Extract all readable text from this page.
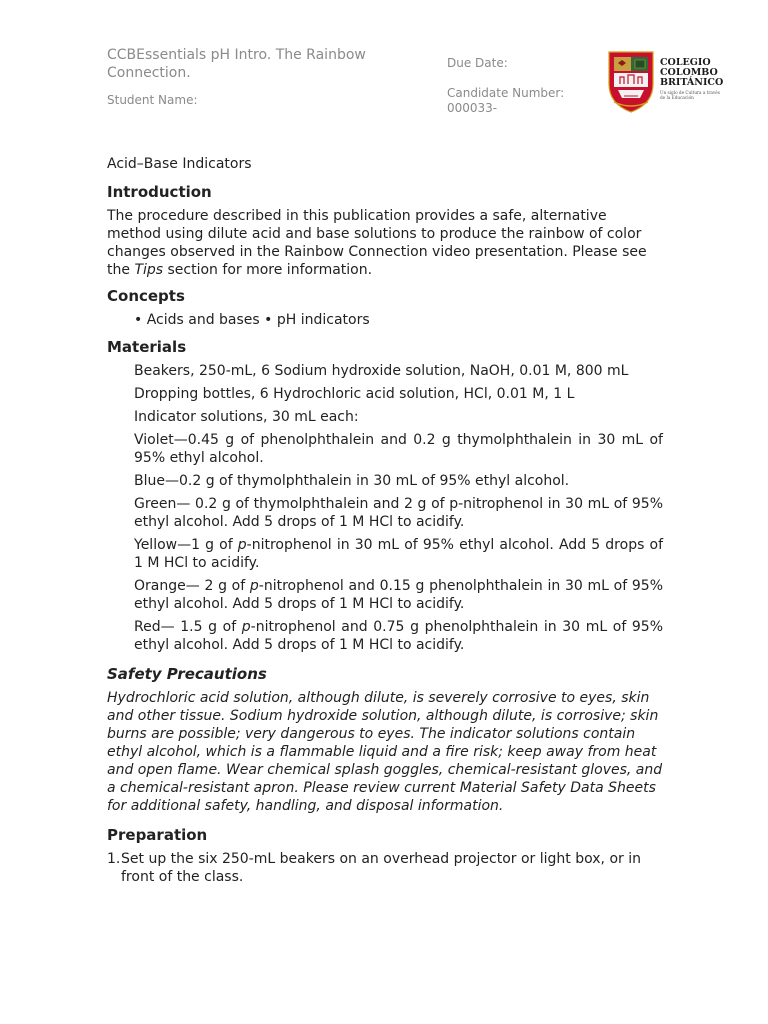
CCBEssentials pH Intro. The Rainbow Connection.
Student Name:
Due Date:
Candidate Number:
000033-
COLEGIO
COLOMBO
BRITÁNICO
Un siglo de Cultura a través de la Educación
Acid–Base Indicators
Introduction

The procedure described in this publication provides a safe, alternative method using dilute acid and base solutions to produce the rainbow of color changes observed in the Rainbow Connection video presentation. Please see the Tips section for more information.

Concepts

• Acids and bases • pH indicators

Materials

Beakers, 250-mL, 6 Sodium hydroxide solution, NaOH, 0.01 M, 800 mL

Dropping bottles, 6 Hydrochloric acid solution, HCl, 0.01 M, 1 L

Indicator solutions, 30 mL each:

Violet—0.45 g of phenolphthalein and 0.2 g thymolphthalein in 30 mL of 95% ethyl alcohol.

Blue—0.2 g of thymolphthalein in 30 mL of 95% ethyl alcohol.

Green— 0.2 g of thymolphthalein and 2 g of p-nitrophenol in 30 mL of 95% ethyl alcohol. Add 5 drops of 1 M HCl to acidify.

Yellow—1 g of p-nitrophenol in 30 mL of 95% ethyl alcohol. Add 5 drops of 1 M HCl to acidify.

Orange— 2 g of p-nitrophenol and 0.15 g phenolphthalein in 30 mL of 95% ethyl alcohol. Add 5 drops of 1 M HCl to acidify.

Red— 1.5 g of p-nitrophenol and 0.75 g phenolphthalein in 30 mL of 95% ethyl alcohol. Add 5 drops of 1 M HCl to acidify.

Safety Precautions

Hydrochloric acid solution, although dilute, is severely corrosive to eyes, skin and other tissue. Sodium hydroxide solution, although dilute, is corrosive; skin burns are possible; very dangerous to eyes. The indicator solutions contain ethyl alcohol, which is a flammable liquid and a fire risk; keep away from heat and open flame. Wear chemical splash goggles, chemical-resistant gloves, and a chemical-resistant apron. Please review current Material Safety Data Sheets for additional safety, handling, and disposal information.

Preparation
1. Set up the six 250-mL beakers on an overhead projector or light box, or in front of the class.
